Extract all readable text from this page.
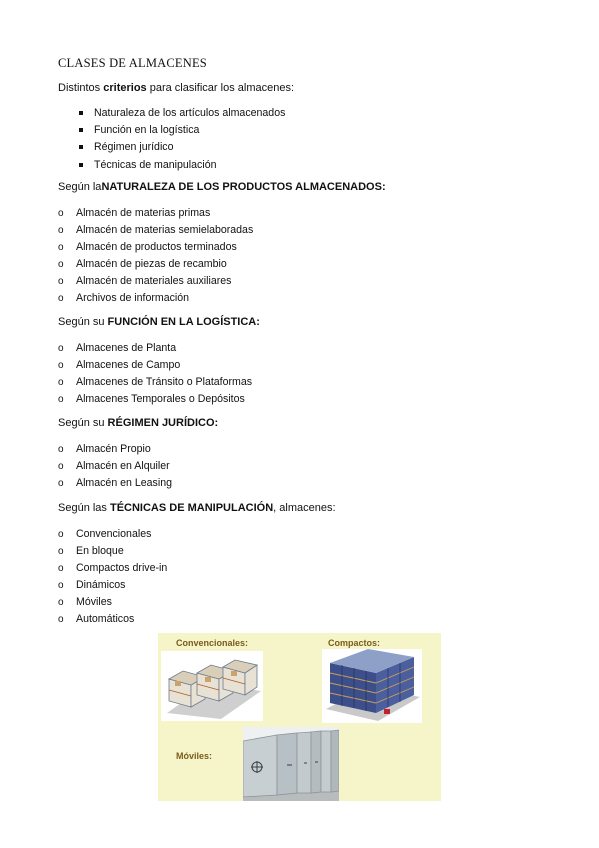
CLASES DE ALMACENES
Distintos criterios para clasificar los almacenes:
Naturaleza de los artículos almacenados
Función en la logística
Régimen jurídico
Técnicas de manipulación
Según laNATURALEZA DE LOS PRODUCTOS ALMACENADOS:
o Almacén de materias primas
o Almacén de materias semielaboradas
o Almacén de productos terminados
o Almacén de piezas de recambio
o Almacén de materiales auxiliares
o Archivos de información
Según su FUNCIÓN EN LA LOGÍSTICA:
o Almacenes de Planta
o Almacenes de Campo
o Almacenes de Tránsito o Plataformas
o Almacenes Temporales o Depósitos
Según su RÉGIMEN JURÍDICO:
o Almacén Propio
o Almacén en Alquiler
o Almacén en Leasing
Según las TÉCNICAS DE MANIPULACIÓN, almacenes:
o Convencionales
o En bloque
o Compactos drive-in
o Dinámicos
o Móviles
o Automáticos
Convencionales:	Compactos:
Móviles:
